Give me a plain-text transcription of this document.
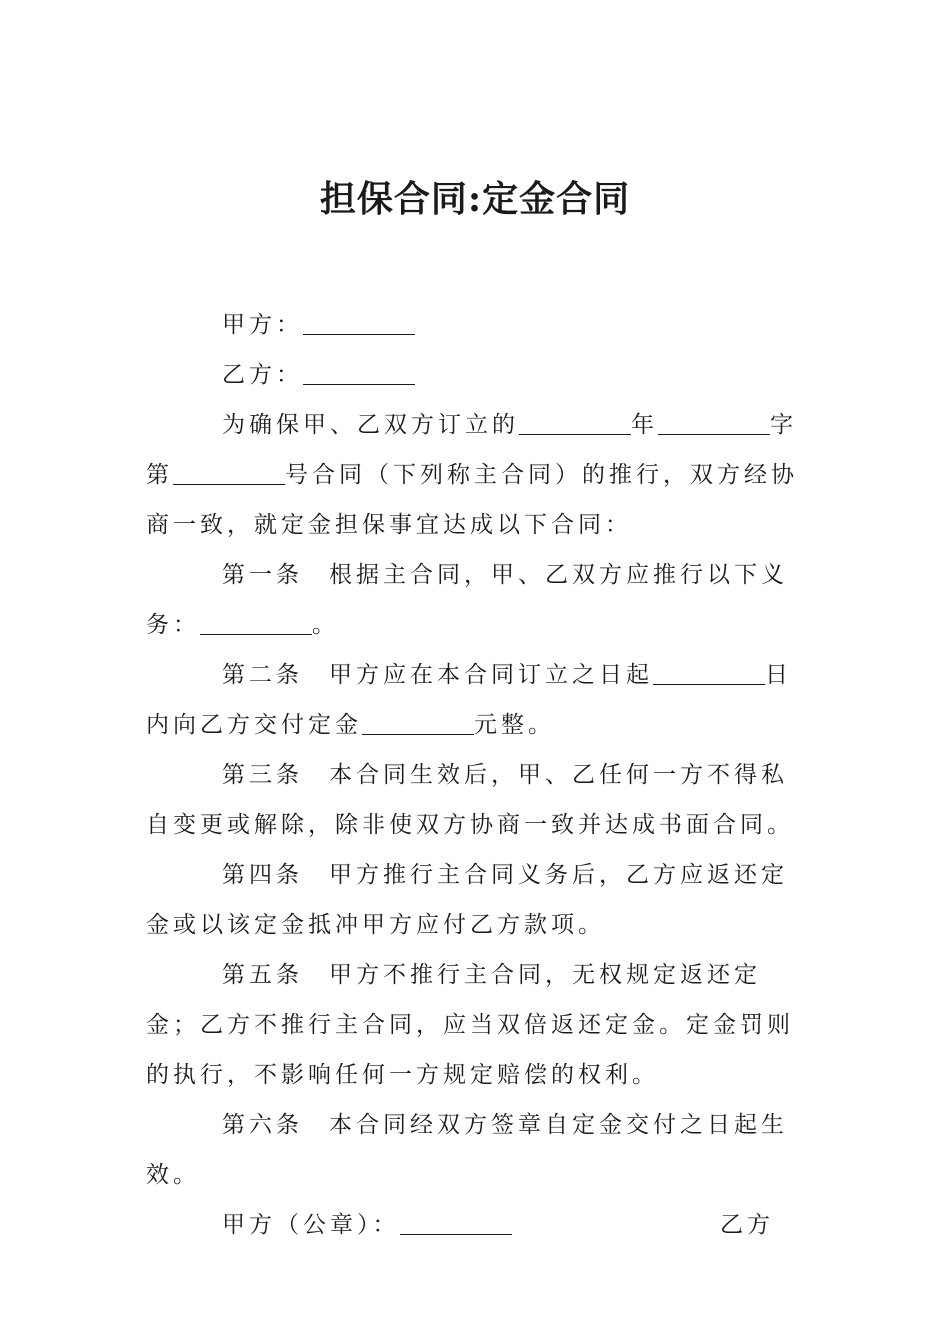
担保合同:定金合同

甲方：

乙方：

为确保甲、乙双方订立的	年	字第	号合同（下列称主合同）的推行，双方经协商一致，就定金担保事宜达成以下合同：

第一条 根据主合同，甲、乙双方应推行以下义务：	。

第二条 甲方应在本合同订立之日起	日内向乙方交付定金	元整。

第三条 本合同生效后，甲、乙任何一方不得私自变更或解除，除非使双方协商一致并达成书面合同。

第四条 甲方推行主合同义务后，乙方应返还定金或以该定金抵冲甲方应付乙方款项。

第五条 甲方不推行主合同，无权规定返还定金；乙方不推行主合同，应当双倍返还定金。定金罚则的执行，不影响任何一方规定赔偿的权利。

第六条 本合同经双方签章自定金交付之日起生效。

甲方（公章）：	乙方
